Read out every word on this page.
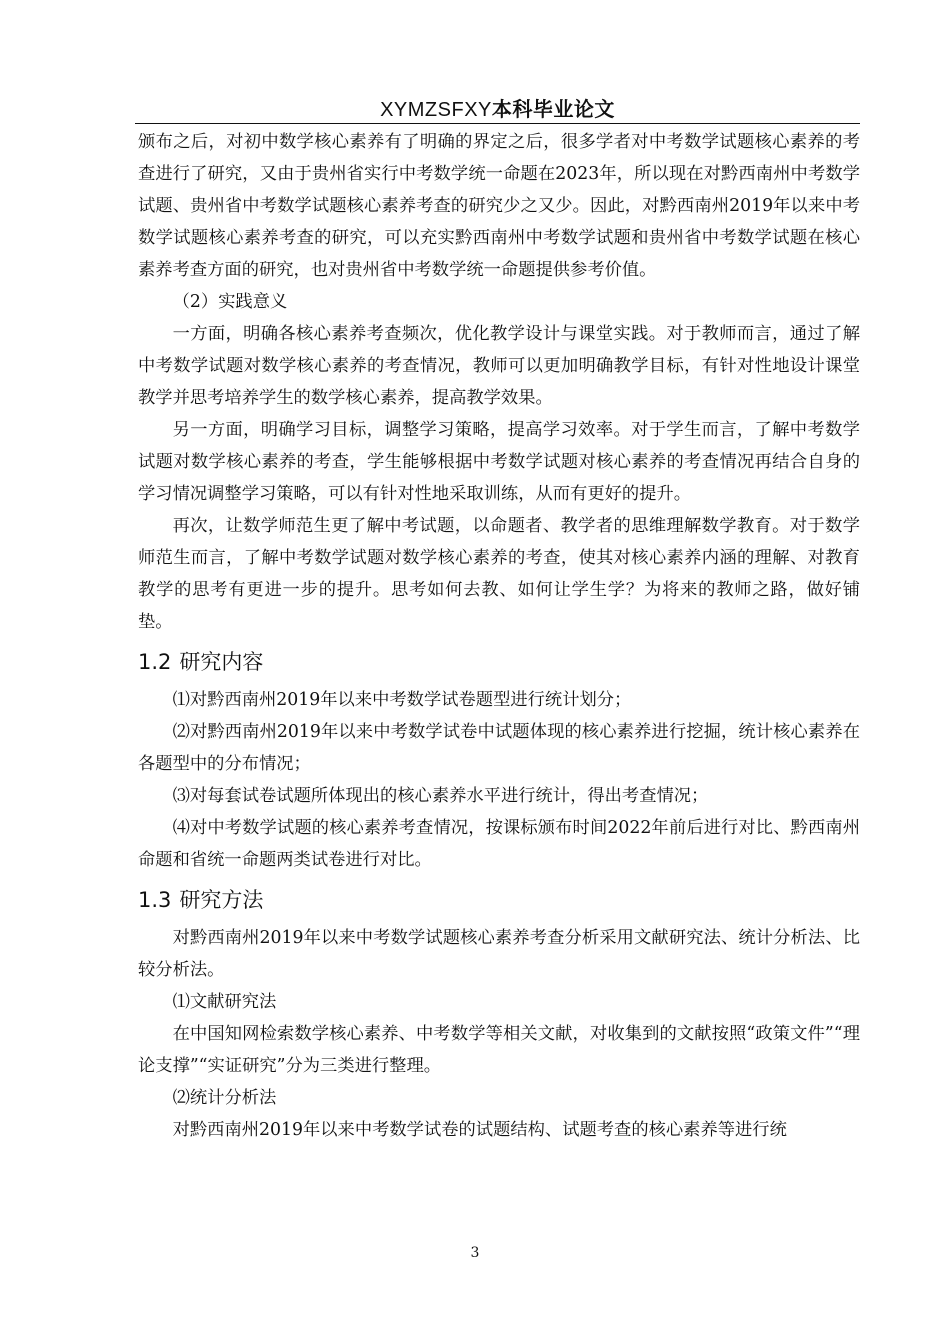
XYMZSFXY本科毕业论文

颁布之后，对初中数学核心素养有了明确的界定之后，很多学者对中考数学试题核心素养的考查进行了研究，又由于贵州省实行中考数学统一命题在2023年，所以现在对黔西南州中考数学试题、贵州省中考数学试题核心素养考查的研究少之又少。因此，对黔西南州2019年以来中考数学试题核心素养考查的研究，可以充实黔西南州中考数学试题和贵州省中考数学试题在核心素养考查方面的研究，也对贵州省中考数学统一命题提供参考价值。

（2）实践意义

一方面，明确各核心素养考查频次，优化教学设计与课堂实践。对于教师而言，通过了解中考数学试题对数学核心素养的考查情况，教师可以更加明确教学目标，有针对性地设计课堂教学并思考培养学生的数学核心素养，提高教学效果。

另一方面，明确学习目标，调整学习策略，提高学习效率。对于学生而言，了解中考数学试题对数学核心素养的考查，学生能够根据中考数学试题对核心素养的考查情况再结合自身的学习情况调整学习策略，可以有针对性地采取训练，从而有更好的提升。

再次，让数学师范生更了解中考试题，以命题者、教学者的思维理解数学教育。对于数学师范生而言，了解中考数学试题对数学核心素养的考查，使其对核心素养内涵的理解、对教育教学的思考有更进一步的提升。思考如何去教、如何让学生学？为将来的教师之路，做好铺垫。

1.2 研究内容

⑴对黔西南州2019年以来中考数学试卷题型进行统计划分；

⑵对黔西南州2019年以来中考数学试卷中试题体现的核心素养进行挖掘，统计核心素养在各题型中的分布情况；

⑶对每套试卷试题所体现出的核心素养水平进行统计，得出考查情况；

⑷对中考数学试题的核心素养考查情况，按课标颁布时间2022年前后进行对比、黔西南州命题和省统一命题两类试卷进行对比。

1.3 研究方法

对黔西南州2019年以来中考数学试题核心素养考查分析采用文献研究法、统计分析法、比较分析法。

⑴文献研究法

在中国知网检索数学核心素养、中考数学等相关文献，对收集到的文献按照“政策文件”“理论支撑”“实证研究”分为三类进行整理。

⑵统计分析法

对黔西南州2019年以来中考数学试卷的试题结构、试题考查的核心素养等进行统

3
